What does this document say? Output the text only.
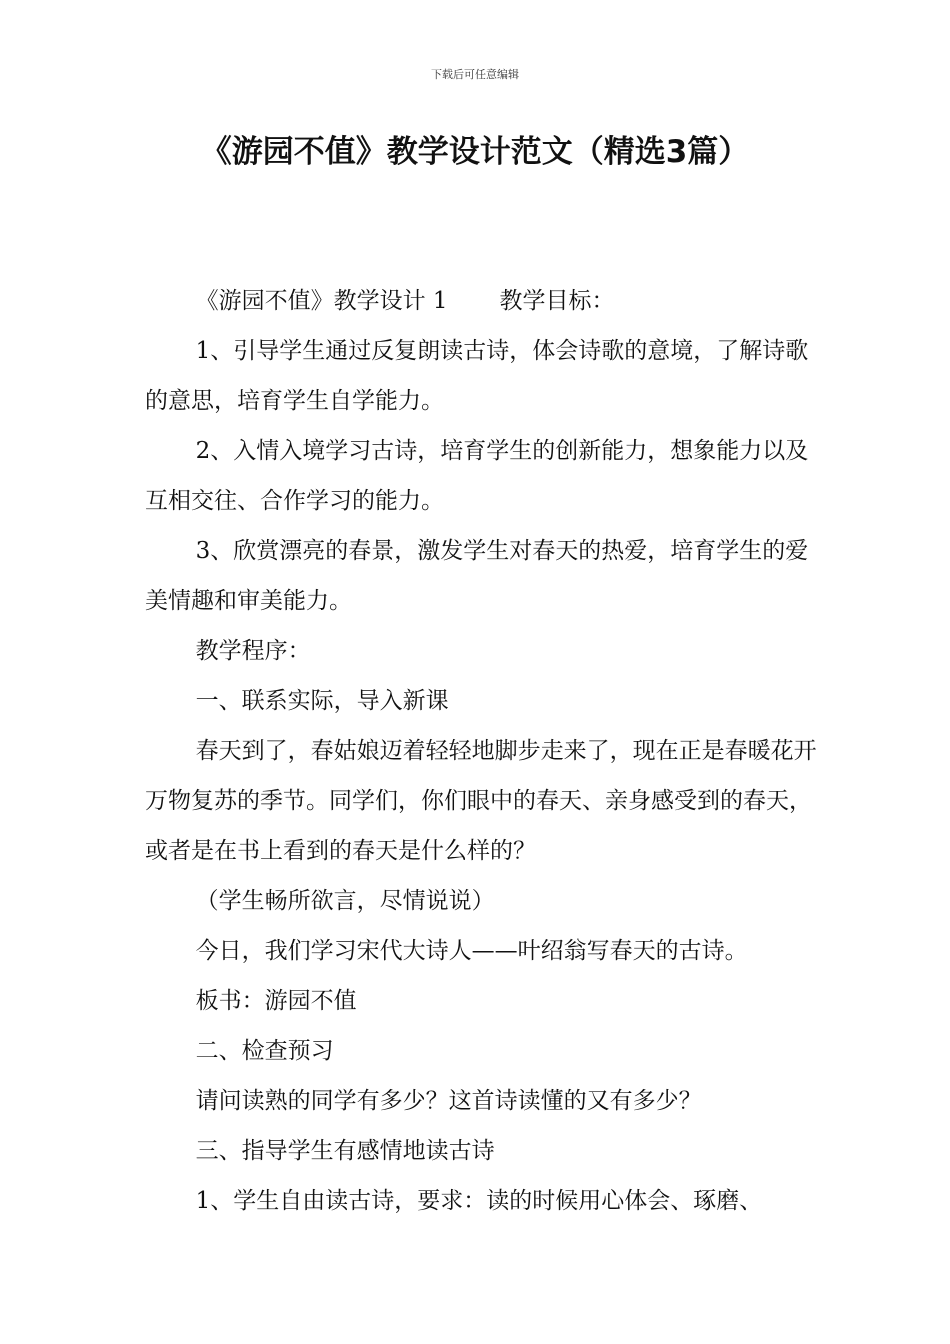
下载后可任意编辑
《游园不值》教学设计范文（精选3篇）

《游园不值》教学设计 1 教学目标：

1、引导学生通过反复朗读古诗，体会诗歌的意境，了解诗歌的意思，培育学生自学能力。

2、入情入境学习古诗，培育学生的创新能力，想象能力以及互相交往、合作学习的能力。

3、欣赏漂亮的春景，激发学生对春天的热爱，培育学生的爱美情趣和审美能力。

教学程序：

一、联系实际，导入新课

春天到了，春姑娘迈着轻轻地脚步走来了，现在正是春暖花开万物复苏的季节。同学们，你们眼中的春天、亲身感受到的春天，或者是在书上看到的春天是什么样的？

（学生畅所欲言，尽情说说）

今日，我们学习宋代大诗人——叶绍翁写春天的古诗。

板书：游园不值

二、检查预习

请问读熟的同学有多少？这首诗读懂的又有多少？

三、指导学生有感情地读古诗

1、学生自由读古诗，要求：读的时候用心体会、琢磨、
